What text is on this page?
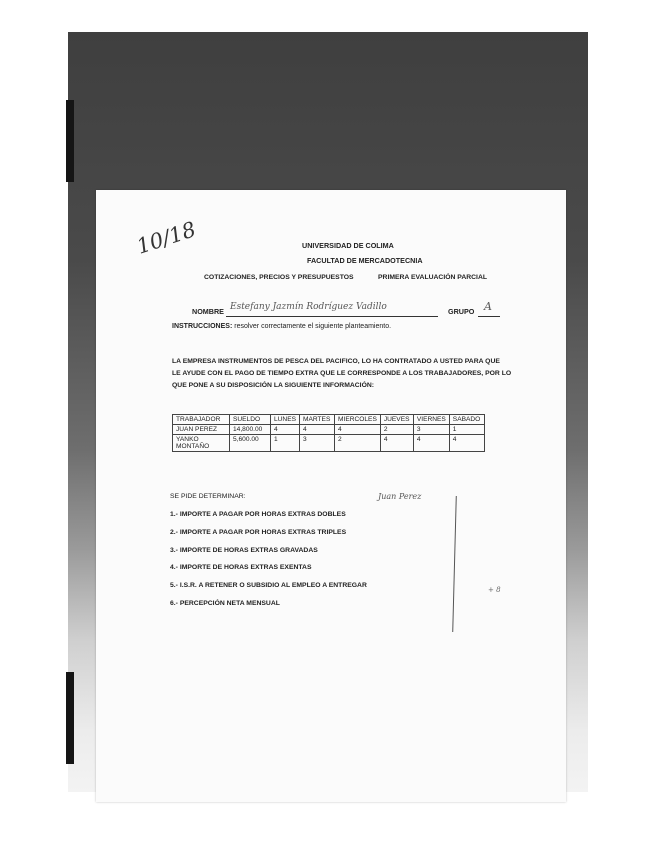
10/18	UNIVERSIDAD DE COLIMA
FACULTAD DE MERCADOTECNIA
COTIZACIONES, PRECIOS Y PRESUPUESTOS	PRIMERA EVALUACIÓN PARCIAL
NOMBRE Estefany Jazmín Rodríguez Vadillo	GRUPO A
INSTRUCCIONES: resolver correctamente el siguiente planteamiento.
LA EMPRESA INSTRUMENTOS DE PESCA DEL PACIFICO, LO HA CONTRATADO A USTED PARA QUE
LE AYUDE CON EL PAGO DE TIEMPO EXTRA QUE LE CORRESPONDE A LOS TRABAJADORES, POR LO
QUE PONE A SU DISPOSICIÓN LA SIGUIENTE INFORMACIÓN:
TRABAJADOR	SUELDO	LUNES	MARTES	MIERCOLES	JUEVES	VIERNES	SABADO
JUAN PEREZ	14,800.00	4	4	4	2	3	1
YANKO MONTAÑO	5,600.00	1	3	2	4	4	4
SE PIDE DETERMINAR:	Juan Perez
1.- IMPORTE A PAGAR POR HORAS EXTRAS DOBLES
2.- IMPORTE A PAGAR POR HORAS EXTRAS TRIPLES
3.- IMPORTE DE HORAS EXTRAS GRAVADAS
4.- IMPORTE DE HORAS EXTRAS EXENTAS
5.- I.S.R. A RETENER O SUBSIDIO AL EMPLEO A ENTREGAR
6.- PERCEPCIÓN NETA MENSUAL
+ 8
